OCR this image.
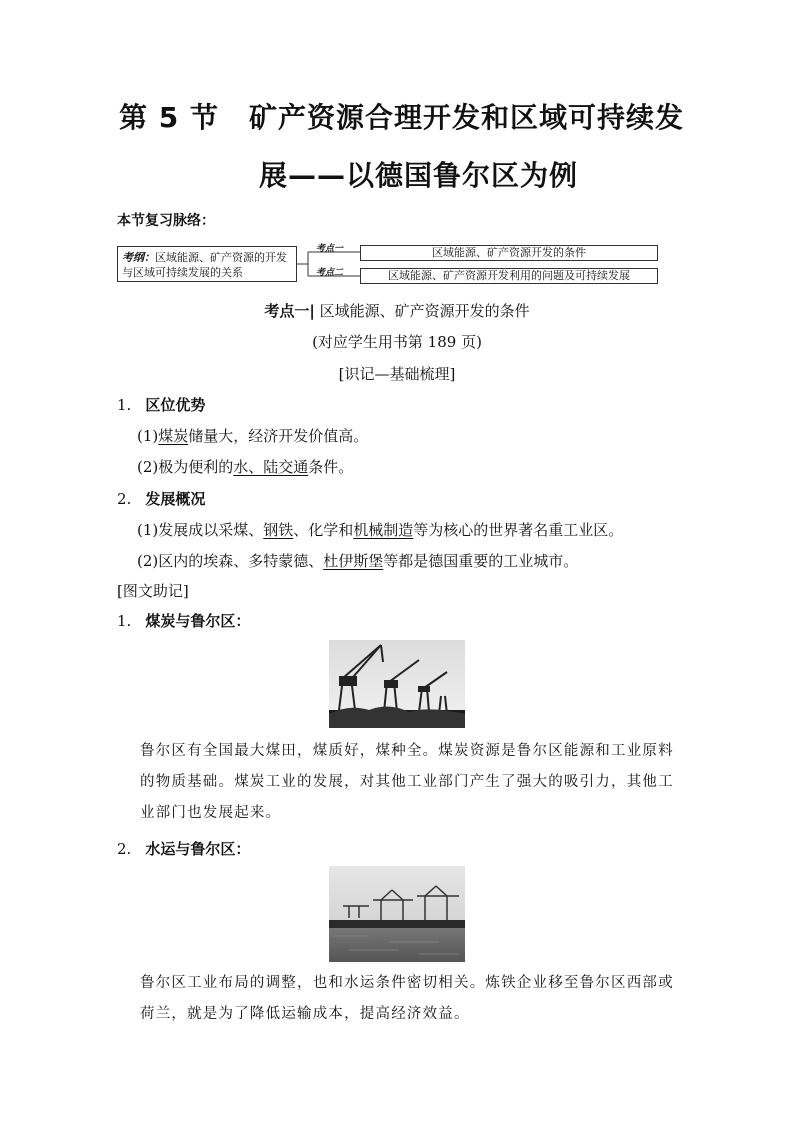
第 5 节 矿产资源合理开发和区域可持续发
展——以德国鲁尔区为例
本节复习脉络：
考纲：区域能源、矿产资源的开发
与区域可持续发展的关系
考点一
考点二
区域能源、矿产资源开发的条件
区域能源、矿产资源开发利用的问题及可持续发展
考点一| 区域能源、矿产资源开发的条件
(对应学生用书第 189 页)
[识记—基础梳理]
1. 区位优势
(1)煤炭储量大，经济开发价值高。
(2)极为便利的水、陆交通条件。
2. 发展概况
(1)发展成以采煤、钢铁、化学和机械制造等为核心的世界著名重工业区。
(2)区内的埃森、多特蒙德、杜伊斯堡等都是德国重要的工业城市。
[图文助记]
1. 煤炭与鲁尔区：
鲁尔区有全国最大煤田，煤质好，煤种全。煤炭资源是鲁尔区能源和工业原料的物质基础。煤炭工业的发展，对其他工业部门产生了强大的吸引力，其他工业部门也发展起来。
2. 水运与鲁尔区：
鲁尔区工业布局的调整，也和水运条件密切相关。炼铁企业移至鲁尔区西部或荷兰，就是为了降低运输成本，提高经济效益。
